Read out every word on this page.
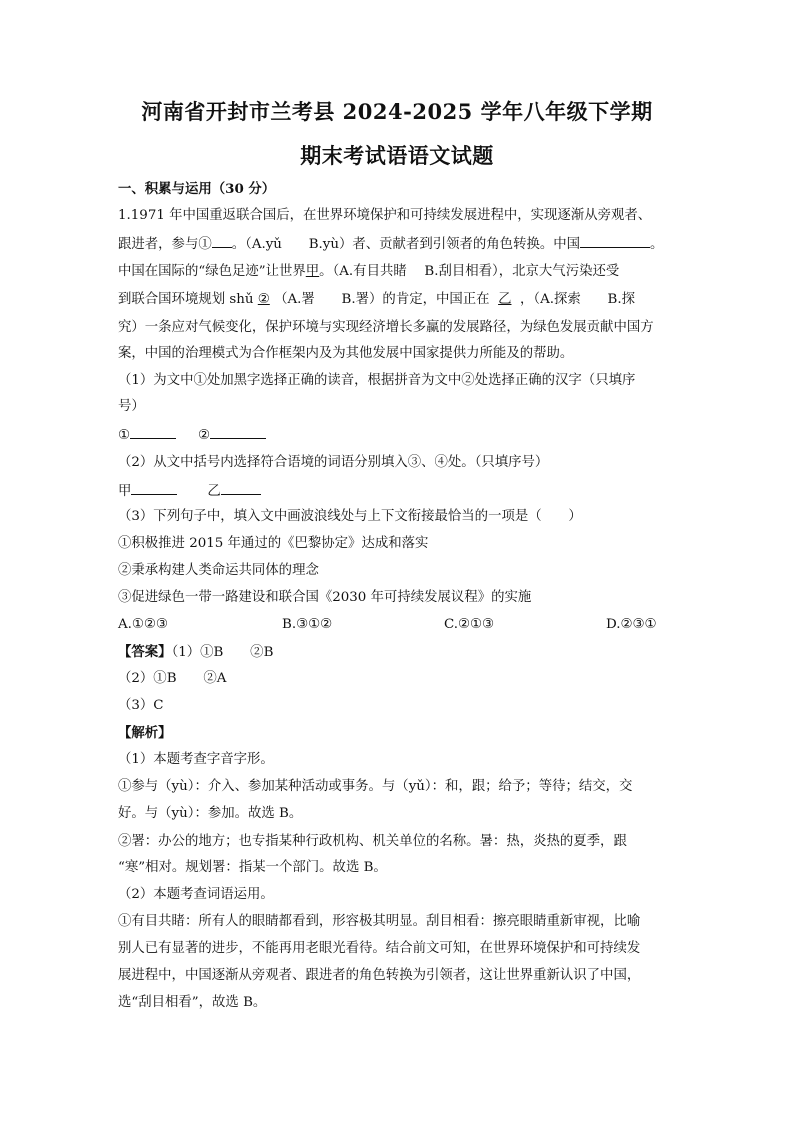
河南省开封市兰考县 2024-2025 学年八年级下学期
期末考试语语文试题
一、积累与运用（30 分）
1.1971 年中国重返联合国后，在世界环境保护和可持续发展进程中，实现逐渐从旁观者、
跟进者，参与① 。（A.yǔ　　B.yù）者、贡献者到引领者的角色转换。中国	。
中国在国际的“绿色足迹”让世界甲。（A.有目共睹　 B.刮目相看），北京大气污染还受
到联合国环境规划 shǔ ② （A.署　　B.署）的肯定，中国正在 乙 ，（A.探索　　B.探
究）一条应对气候变化，保护环境与实现经济增长多赢的发展路径，为绿色发展贡献中国方
案，中国的治理模式为合作框架内及为其他发展中国家提供力所能及的帮助。
（1）为文中①处加黑字选择正确的读音，根据拼音为文中②处选择正确的汉字（只填序
号）
①	②
（2）从文中括号内选择符合语境的词语分别填入③、④处。（只填序号）
甲	乙
（3）下列句子中，填入文中画波浪线处与上下文衔接最恰当的一项是（　　）
①积极推进 2015 年通过的《巴黎协定》达成和落实
②秉承构建人类命运共同体的理念
③促进绿色一带一路建设和联合国《2030 年可持续发展议程》的实施
A.①②③	B.③①②	C.②①③	D.②③①
【答案】（1）①B　　②B
（2）①B　　②A
（3）C
【解析】
（1）本题考查字音字形。
①参与（yù）：介入、参加某种活动或事务。与（yǔ）：和，跟；给予；等待；结交，交
好。与（yù）：参加。故选 B。
②署：办公的地方；也专指某种行政机构、机关单位的名称。暑：热，炎热的夏季，跟
“寒”相对。规划署：指某一个部门。故选 B。
（2）本题考查词语运用。
①有目共睹：所有人的眼睛都看到，形容极其明显。刮目相看：擦亮眼睛重新审视，比喻
别人已有显著的进步，不能再用老眼光看待。结合前文可知，在世界环境保护和可持续发
展进程中，中国逐渐从旁观者、跟进者的角色转换为引领者，这让世界重新认识了中国，
选“刮目相看”，故选 B。
